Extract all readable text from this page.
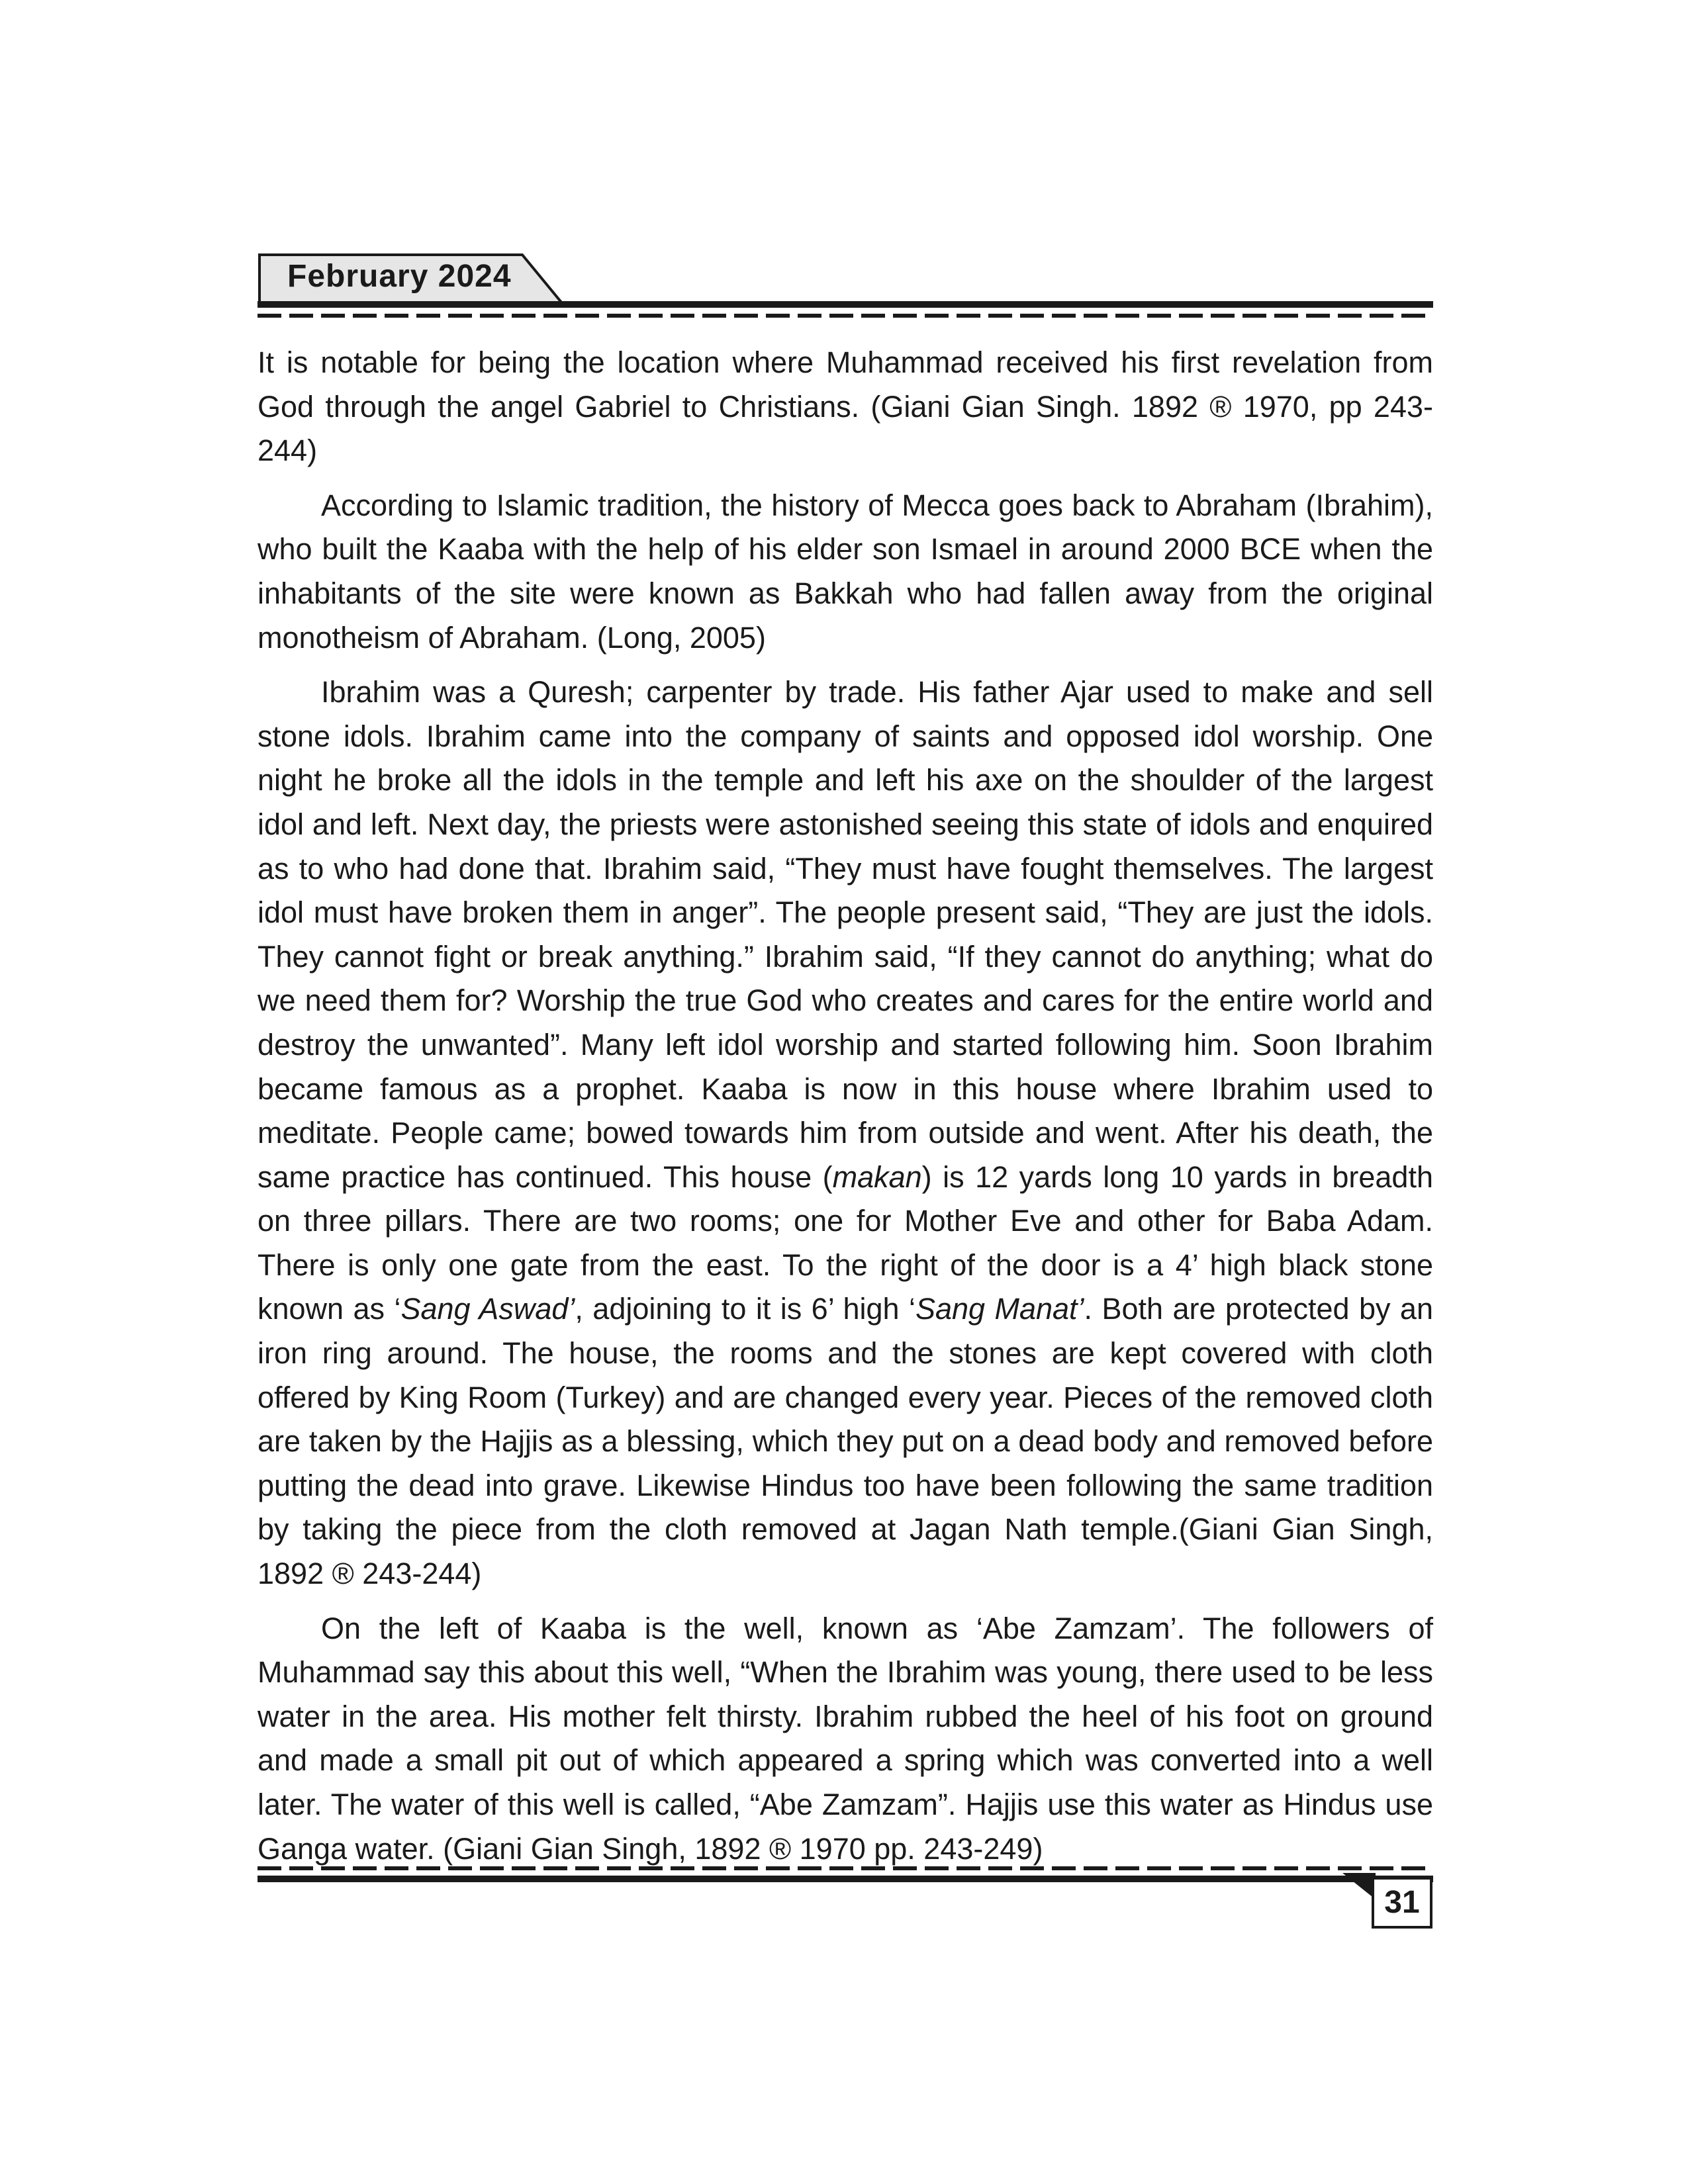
February 2024

It is notable for being the location where Muhammad received his first revelation from God through the angel Gabriel to Christians. (Giani Gian Singh. 1892 ® 1970, pp 243-244)

According to Islamic tradition, the history of Mecca goes back to Abraham (Ibrahim), who built the Kaaba with the help of his elder son Ismael in around 2000 BCE when the inhabitants of the site were known as Bakkah who had fallen away from the original monotheism of Abraham. (Long, 2005)

Ibrahim was a Quresh; carpenter by trade. His father Ajar used to make and sell stone idols. Ibrahim came into the company of saints and opposed idol worship. One night he broke all the idols in the temple and left his axe on the shoulder of the largest idol and left. Next day, the priests were astonished seeing this state of idols and enquired as to who had done that. Ibrahim said, “They must have fought themselves. The largest idol must have broken them in anger”. The people present said, “They are just the idols. They cannot fight or break anything.” Ibrahim said, “If they cannot do anything; what do we need them for? Worship the true God who creates and cares for the entire world and destroy the unwanted”. Many left idol worship and started following him. Soon Ibrahim became famous as a prophet. Kaaba is now in this house where Ibrahim used to meditate. People came; bowed towards him from outside and went. After his death, the same practice has continued. This house (makan) is 12 yards long 10 yards in breadth on three pillars. There are two rooms; one for Mother Eve and other for Baba Adam. There is only one gate from the east. To the right of the door is a 4’ high black stone known as ‘Sang Aswad’, adjoining to it is 6’ high ‘Sang Manat’. Both are protected by an iron ring around. The house, the rooms and the stones are kept covered with cloth offered by King Room (Turkey) and are changed every year. Pieces of the removed cloth are taken by the Hajjis as a blessing, which they put on a dead body and removed before putting the dead into grave. Likewise Hindus too have been following the same tradition by taking the piece from the cloth removed at Jagan Nath temple.(Giani Gian Singh, 1892 ® 243-244)

On the left of Kaaba is the well, known as ‘Abe Zamzam’. The followers of Muhammad say this about this well, “When the Ibrahim was young, there used to be less water in the area. His mother felt thirsty. Ibrahim rubbed the heel of his foot on ground and made a small pit out of which appeared a spring which was converted into a well later. The water of this well is called, “Abe Zamzam”. Hajjis use this water as Hindus use Ganga water. (Giani Gian Singh, 1892 ® 1970 pp. 243-249)

31
